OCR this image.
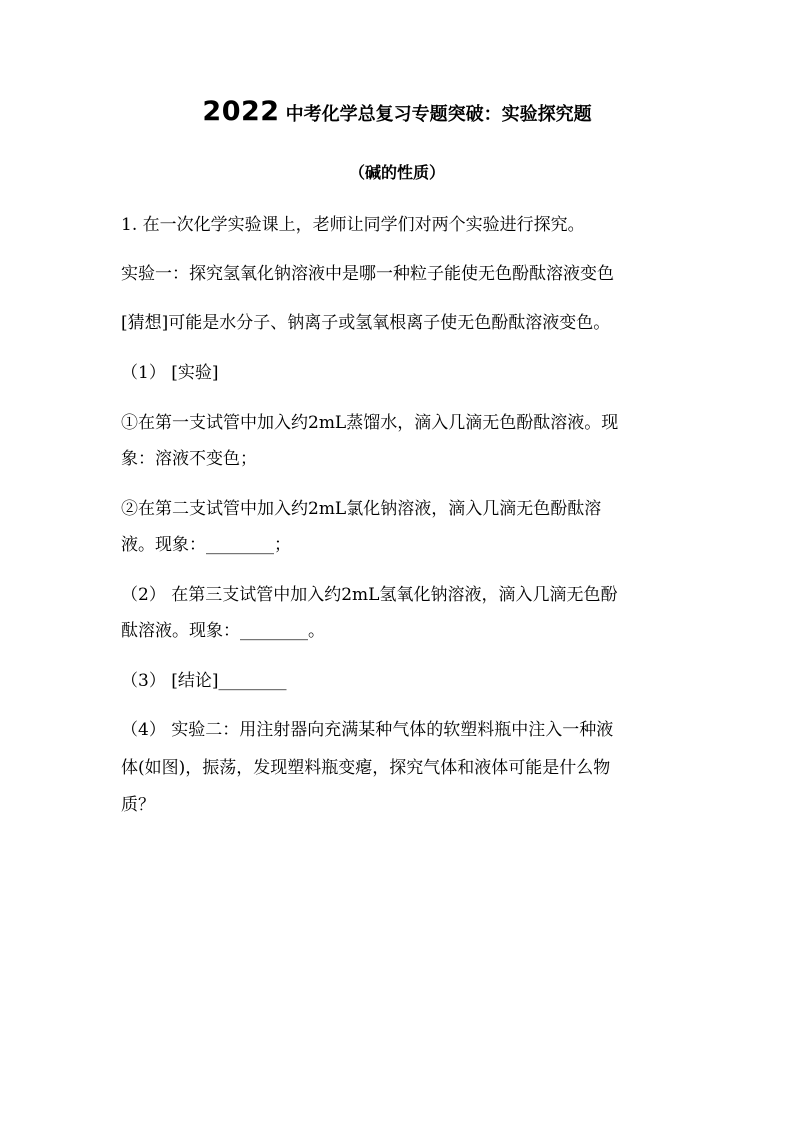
2022 中考化学总复习专题突破：实验探究题
（碱的性质）
1. 在一次化学实验课上，老师让同学们对两个实验进行探究。
实验一：探究氢氧化钠溶液中是哪一种粒子能使无色酚酞溶液变色
[猜想]可能是水分子、钠离子或氢氧根离子使无色酚酞溶液变色。
（1） [实验]
①在第一支试管中加入约2mL蒸馏水，滴入几滴无色酚酞溶液。现
象：溶液不变色；
②在第二支试管中加入约2mL氯化钠溶液，滴入几滴无色酚酞溶
液。现象：________；
（2） 在第三支试管中加入约2mL氢氧化钠溶液，滴入几滴无色酚
酞溶液。现象：________。
（3） [结论]________
（4） 实验二：用注射器向充满某种气体的软塑料瓶中注入一种液
体(如图)，振荡，发现塑料瓶变瘪，探究气体和液体可能是什么物
质？
